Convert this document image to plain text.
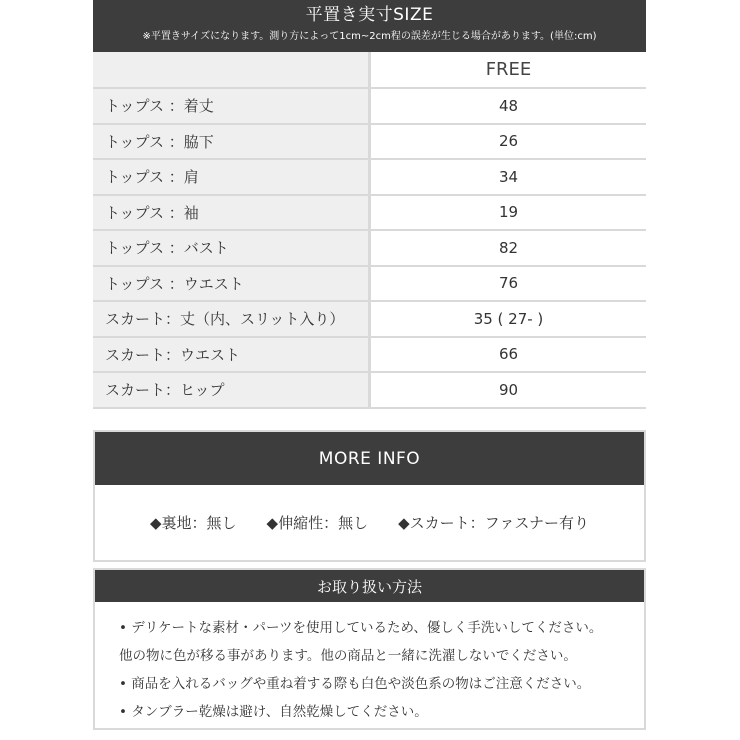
平置き実寸SIZE
※平置きサイズになります。測り方によって1cm~2cm程の誤差が生じる場合があります。(単位:cm)
FREE
トップス ：着丈	48
トップス ：脇下	26
トップス ：肩	34
トップス ：袖	19
トップス ：バスト	82
トップス ：ウエスト	76
スカート：丈（内、スリット入り）	35 ( 27- )
スカート：ウエスト	66
スカート：ヒップ	90
MORE INFO
◆裏地：無し ◆伸縮性：無し ◆スカート：ファスナー有り
お取り扱い方法
• デリケートな素材・パーツを使用しているため、優しく手洗いしてください。
他の物に色が移る事があります。他の商品と一緒に洗濯しないでください。
• 商品を入れるバッグや重ね着する際も白色や淡色系の物はご注意ください。
• タンブラー乾燥は避け、自然乾燥してください。
